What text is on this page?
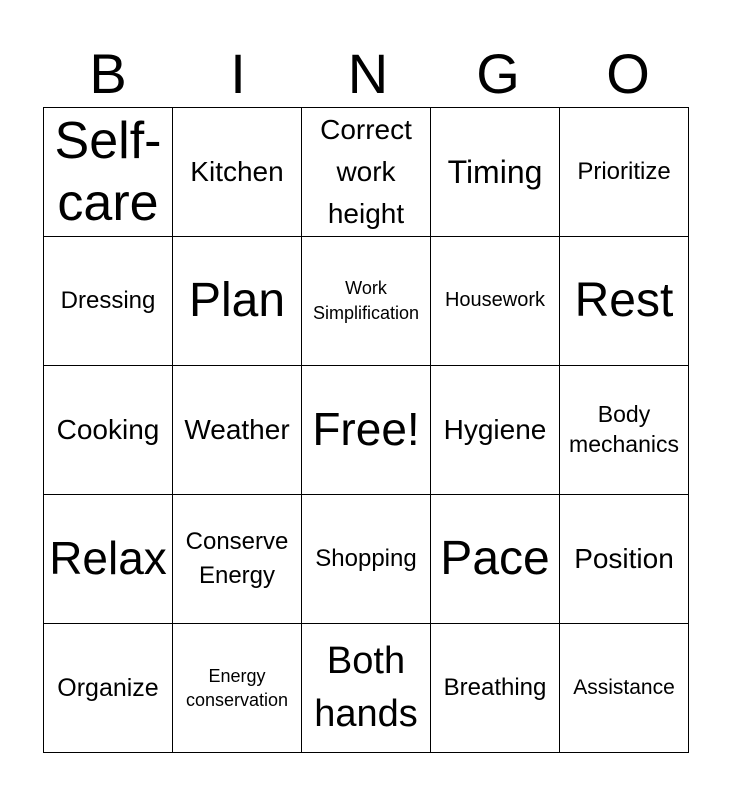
B	I	N	G	O
Self-care	Kitchen	Correct work height	Timing	Prioritize
Dressing	Plan	Work Simplification	Housework	Rest
Cooking	Weather	Free!	Hygiene	Body mechanics
Relax	Conserve Energy	Shopping	Pace	Position
Organize	Energy conservation	Both hands	Breathing	Assistance
